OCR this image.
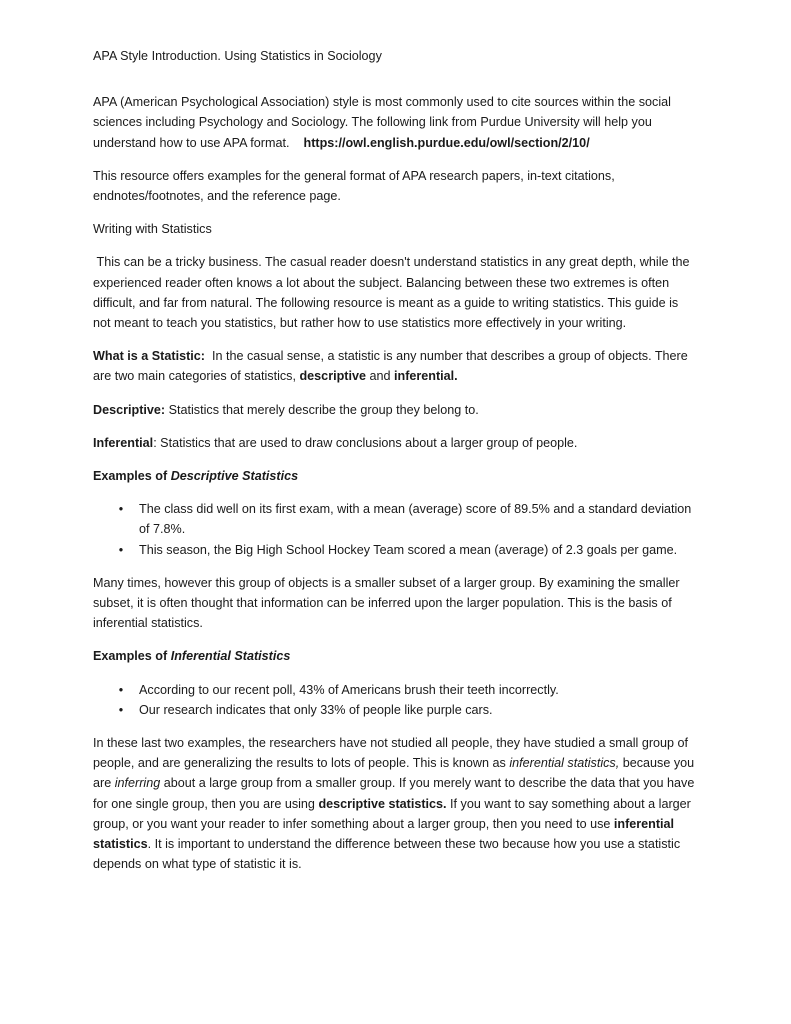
APA Style Introduction. Using Statistics in Sociology

APA (American Psychological Association) style is most commonly used to cite sources within the social sciences including Psychology and Sociology. The following link from Purdue University will help you understand how to use APA format. https://owl.english.purdue.edu/owl/section/2/10/

This resource offers examples for the general format of APA research papers, in-text citations, endnotes/footnotes, and the reference page.

Writing with Statistics

This can be a tricky business. The casual reader doesn't understand statistics in any great depth, while the experienced reader often knows a lot about the subject. Balancing between these two extremes is often difficult, and far from natural. The following resource is meant as a guide to writing statistics. This guide is not meant to teach you statistics, but rather how to use statistics more effectively in your writing.

What is a Statistic:  In the casual sense, a statistic is any number that describes a group of objects. There are two main categories of statistics, descriptive and inferential.

Descriptive: Statistics that merely describe the group they belong to.

Inferential: Statistics that are used to draw conclusions about a larger group of people.

Examples of Descriptive Statistics

• The class did well on its first exam, with a mean (average) score of 89.5% and a standard deviation of 7.8%.
• This season, the Big High School Hockey Team scored a mean (average) of 2.3 goals per game.

Many times, however this group of objects is a smaller subset of a larger group. By examining the smaller subset, it is often thought that information can be inferred upon the larger population. This is the basis of inferential statistics.

Examples of Inferential Statistics

• According to our recent poll, 43% of Americans brush their teeth incorrectly.
• Our research indicates that only 33% of people like purple cars.

In these last two examples, the researchers have not studied all people, they have studied a small group of people, and are generalizing the results to lots of people. This is known as inferential statistics, because you are inferring about a large group from a smaller group. If you merely want to describe the data that you have for one single group, then you are using descriptive statistics. If you want to say something about a larger group, or you want your reader to infer something about a larger group, then you need to use inferential statistics. It is important to understand the difference between these two because how you use a statistic depends on what type of statistic it is.
